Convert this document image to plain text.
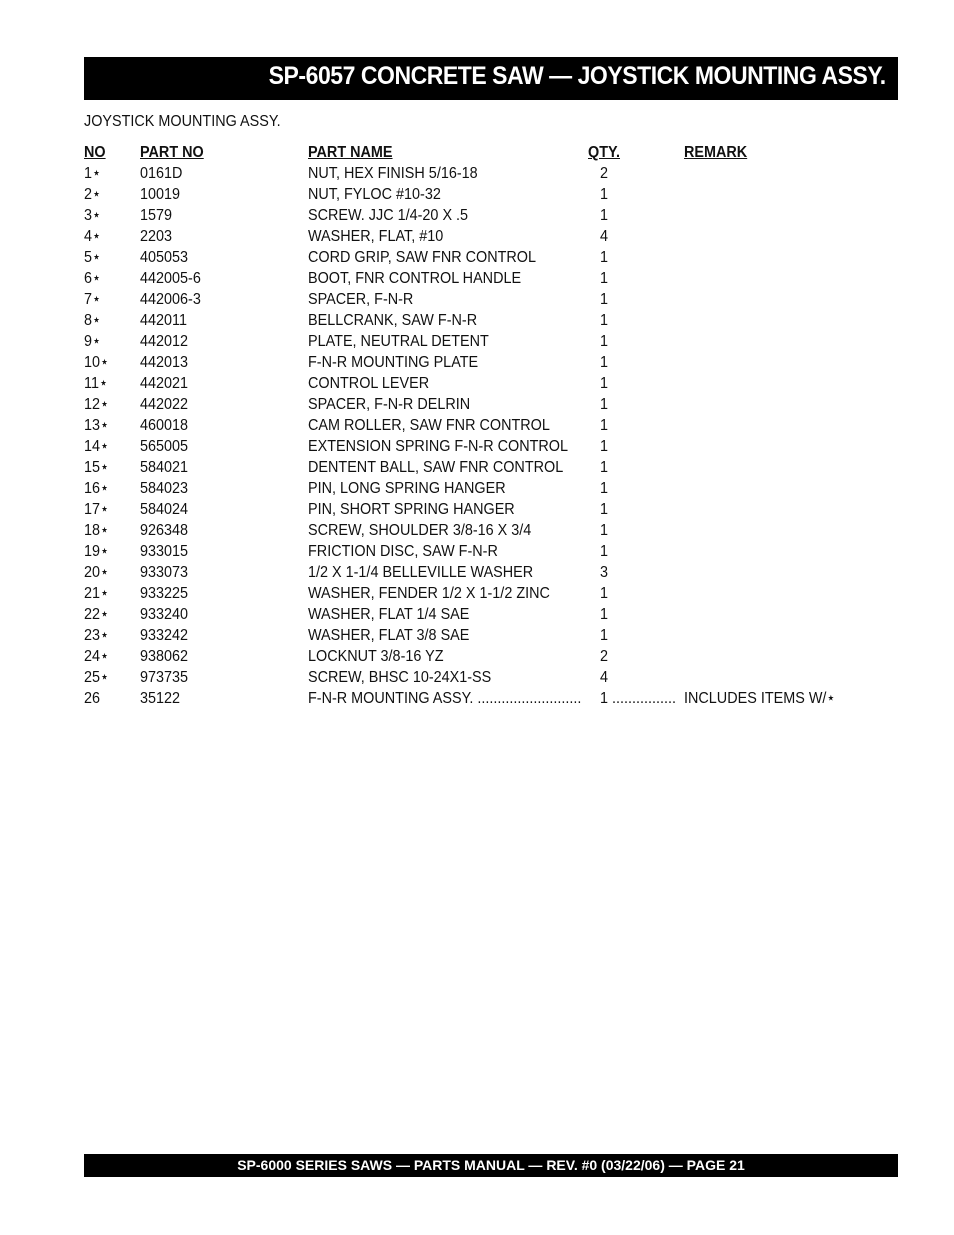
SP-6057 CONCRETE SAW — JOYSTICK MOUNTING ASSY.
JOYSTICK MOUNTING ASSY.
NO PART NO	PART NAME	QTY.	REMARK
1⋆ 0161D	NUT, HEX FINISH 5/16-18	2
2⋆ 10019	NUT, FYLOC #10-32	1
3⋆ 1579	SCREW. JJC 1/4-20 X .5	1
4⋆ 2203	WASHER, FLAT, #10	4
5⋆ 405053	CORD GRIP, SAW FNR CONTROL	1
6⋆ 442005-6	BOOT, FNR CONTROL HANDLE	1
7⋆ 442006-3	SPACER, F-N-R	1
8⋆ 442011	BELLCRANK, SAW F-N-R	1
9⋆ 442012	PLATE, NEUTRAL DETENT	1
10⋆ 442013	F-N-R MOUNTING PLATE	1
11⋆ 442021	CONTROL LEVER	1
12⋆ 442022	SPACER, F-N-R DELRIN	1
13⋆ 460018	CAM ROLLER, SAW FNR CONTROL	1
14⋆ 565005	EXTENSION SPRING F-N-R CONTROL 1
15⋆ 584021	DENTENT BALL, SAW FNR CONTROL 1
16⋆ 584023	PIN, LONG SPRING HANGER	1
17⋆ 584024	PIN, SHORT SPRING HANGER	1
18⋆ 926348	SCREW, SHOULDER 3/8-16 X 3/4	1
19⋆ 933015	FRICTION DISC, SAW F-N-R	1
20⋆ 933073	1/2 X 1-1/4 BELLEVILLE WASHER	3
21⋆ 933225	WASHER, FENDER 1/2 X 1-1/2 ZINC	1
22⋆ 933240	WASHER, FLAT 1/4 SAE	1
23⋆ 933242	WASHER, FLAT 3/8 SAE	1
24⋆ 938062	LOCKNUT 3/8-16 YZ	2
25⋆ 973735	SCREW, BHSC 10-24X1-SS	4
26 35122	F-N-R MOUNTING ASSY. .......................... 1 ................ INCLUDES ITEMS W/⋆
SP-6000 SERIES SAWS — PARTS MANUAL — REV. #0 (03/22/06) — PAGE 21
